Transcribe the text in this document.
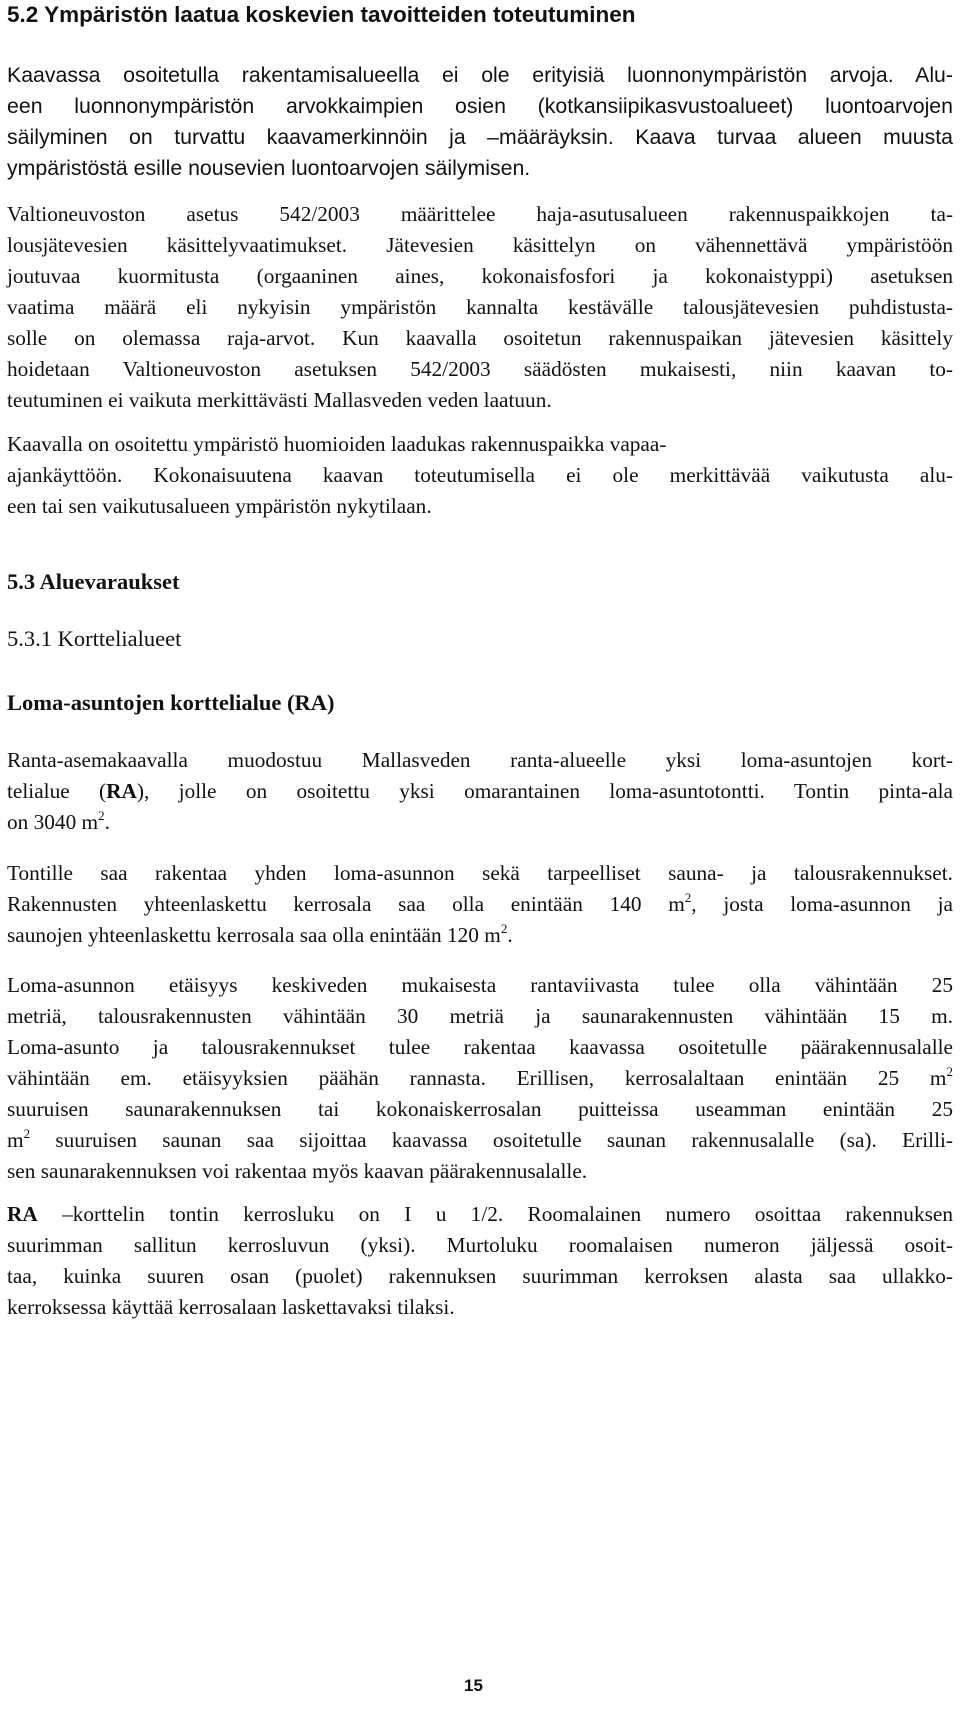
5.2 Ympäristön laatua koskevien tavoitteiden toteutuminen
Kaavassa osoitetulla rakentamisalueella ei ole erityisiä luonnonympäristön arvoja. Alu-
een luonnonympäristön arvokkaimpien osien (kotkansiipikasvustoalueet) luontoarvojen
säilyminen on turvattu kaavamerkinnöin ja –määräyksin. Kaava turvaa alueen muusta
ympäristöstä esille nousevien luontoarvojen säilymisen.
Valtioneuvoston asetus 542/2003 määrittelee haja-asutusalueen rakennuspaikkojen ta-
lousjätevesien käsittelyvaatimukset. Jätevesien käsittelyn on vähennettävä ympäristöön
joutuvaa kuormitusta (orgaaninen aines, kokonaisfosfori ja kokonaistyppi) asetuksen
vaatima määrä eli nykyisin ympäristön kannalta kestävälle talousjätevesien puhdistusta-
solle on olemassa raja-arvot. Kun kaavalla osoitetun rakennuspaikan jätevesien käsittely
hoidetaan Valtioneuvoston asetuksen 542/2003 säädösten mukaisesti, niin kaavan to-
teutuminen ei vaikuta merkittävästi Mallasveden veden laatuun.
Kaavalla on osoitettu ympäristö huomioiden laadukas rakennuspaikka vapaa-
ajankäyttöön. Kokonaisuutena kaavan toteutumisella ei ole merkittävää vaikutusta alu-
een tai sen vaikutusalueen ympäristön nykytilaan.
5.3 Aluevaraukset
5.3.1 Korttelialueet
Loma-asuntojen korttelialue (RA)
Ranta-asemakaavalla muodostuu Mallasveden ranta-alueelle yksi loma-asuntojen kort-
telialue (RA), jolle on osoitettu yksi omarantainen loma-asuntotontti. Tontin pinta-ala
on 3040 $m^2$.
Tontille saa rakentaa yhden loma-asunnon sekä tarpeelliset sauna- ja talousrakennukset.
Rakennusten yhteenlaskettu kerrosala saa olla enintään 140 $m^2$, josta loma-asunnon ja
saunojen yhteenlaskettu kerrosala saa olla enintään 120 $m^2$.
Loma-asunnon etäisyys keskiveden mukaisesta rantaviivasta tulee olla vähintään 25
metriä, talousrakennusten vähintään 30 metriä ja saunarakennusten vähintään 15 m.
Loma-asunto ja talousrakennukset tulee rakentaa kaavassa osoitetulle päärakennusalalle
vähintään em. etäisyyksien päähän rannasta. Erillisen, kerrosalaltaan enintään 25 $m^2$
suuruisen saunarakennuksen tai kokonaiskerrosalan puitteissa useamman enintään 25
$m^2$ suuruisen saunan saa sijoittaa kaavassa osoitetulle saunan rakennusalalle (sa). Erilli-
sen saunarakennuksen voi rakentaa myös kaavan päärakennusalalle.
RA –korttelin tontin kerrosluku on I u 1/2. Roomalainen numero osoittaa rakennuksen
suurimman sallitun kerrosluvun (yksi). Murtoluku roomalaisen numeron jäljessä osoit-
taa, kuinka suuren osan (puolet) rakennuksen suurimman kerroksen alasta saa ullakko-
kerroksessa käyttää kerrosalaan laskettavaksi tilaksi.
15
